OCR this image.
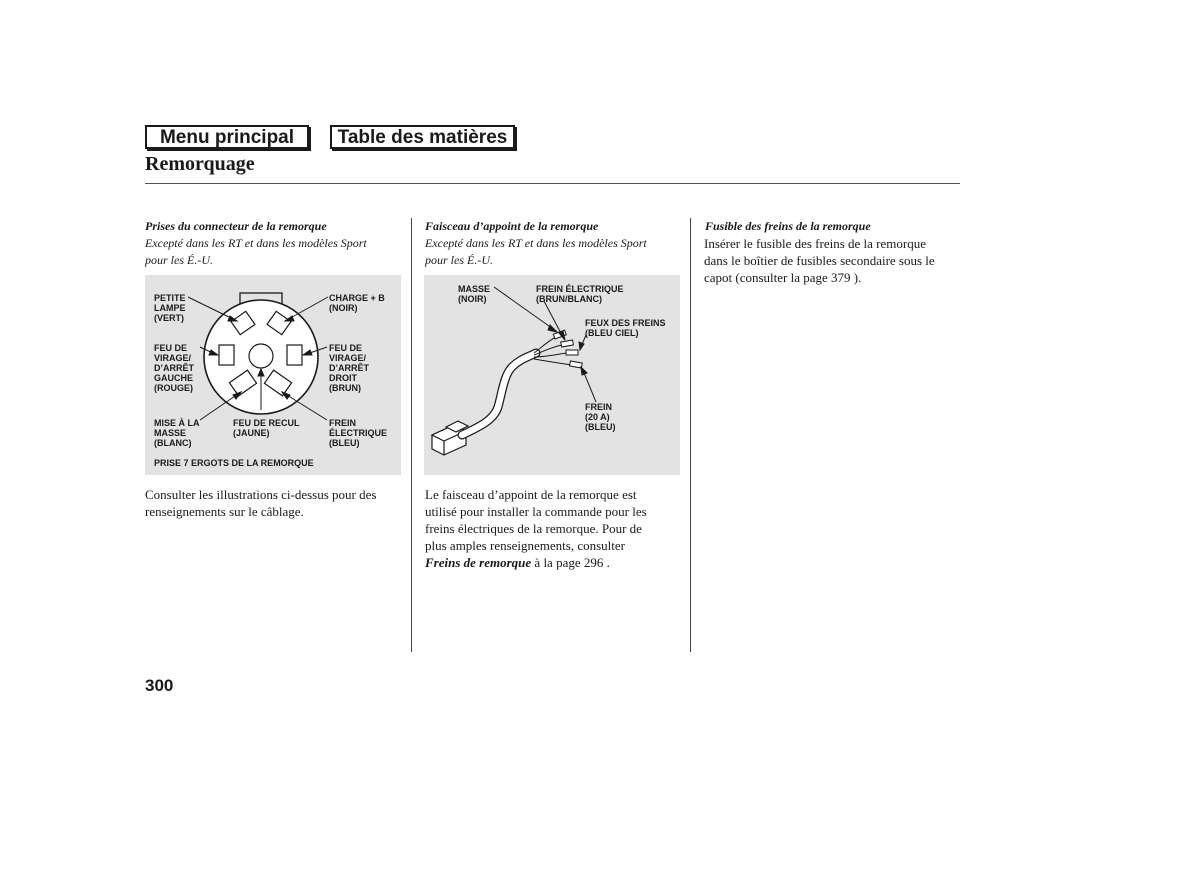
Menu principal	Table des matières
Remorquage
Prises du connecteur de la remorque
Excepté dans les RT et dans les modèles Sport
pour les É.-U.
PETITE
LAMPE
(VERT)
CHARGE + B
(NOIR)
FEU DE
VIRAGE/
D’ARRÊT
GAUCHE
(ROUGE)
FEU DE
VIRAGE/
D’ARRÊT
DROIT
(BRUN)
MISE À LA
MASSE
(BLANC)
FEU DE RECUL
(JAUNE)
FREIN
ÉLECTRIQUE
(BLEU)
PRISE 7 ERGOTS DE LA REMORQUE
Consulter les illustrations ci-dessus pour des
renseignements sur le câblage.
Faisceau d’appoint de la remorque
Excepté dans les RT et dans les modèles Sport
pour les É.-U.
MASSE
(NOIR)
FREIN ÉLECTRIQUE
(BRUN/BLANC)
FEUX DES FREINS
(BLEU CIEL)
FREIN
(20 A)
(BLEU)
Le faisceau d’appoint de la remorque est
utilisé pour installer la commande pour les
freins électriques de la remorque. Pour de
plus amples renseignements, consulter
Freins de remorque à la page 296 .
Fusible des freins de la remorque
Insérer le fusible des freins de la remorque
dans le boîtier de fusibles secondaire sous le
capot (consulter la page 379 ).
300
